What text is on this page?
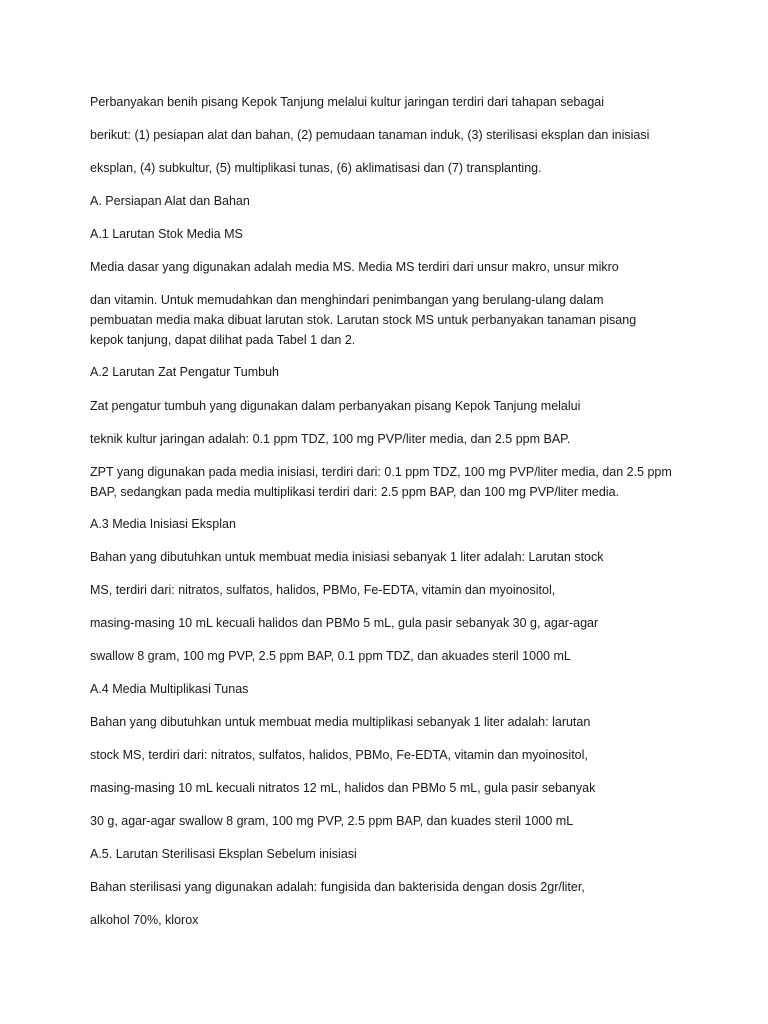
Perbanyakan benih pisang Kepok Tanjung melalui kultur jaringan terdiri dari tahapan sebagai
berikut: (1) pesiapan alat dan bahan, (2) pemudaan tanaman induk, (3) sterilisasi eksplan dan inisiasi
eksplan, (4) subkultur, (5) multiplikasi tunas, (6) aklimatisasi dan (7) transplanting.
A. Persiapan Alat dan Bahan
A.1 Larutan Stok Media MS
Media dasar yang digunakan adalah media MS. Media MS terdiri dari unsur makro, unsur mikro
dan vitamin. Untuk memudahkan dan menghindari penimbangan yang berulang-ulang dalam
pembuatan media maka dibuat larutan stok. Larutan stock MS untuk perbanyakan tanaman pisang
kepok tanjung, dapat dilihat pada Tabel 1 dan 2.
A.2 Larutan Zat Pengatur Tumbuh
Zat pengatur tumbuh yang digunakan dalam perbanyakan pisang Kepok Tanjung melalui
teknik kultur jaringan adalah: 0.1 ppm TDZ, 100 mg PVP/liter media, dan 2.5 ppm BAP.
ZPT yang digunakan pada media inisiasi, terdiri dari: 0.1 ppm TDZ, 100 mg PVP/liter media, dan 2.5 ppm
BAP, sedangkan pada media multiplikasi terdiri dari: 2.5 ppm BAP, dan 100 mg PVP/liter media.
A.3 Media Inisiasi Eksplan
Bahan yang dibutuhkan untuk membuat media inisiasi sebanyak 1 liter adalah: Larutan stock
MS, terdiri dari: nitratos, sulfatos, halidos, PBMo, Fe-EDTA, vitamin dan myoinositol,
masing-masing 10 mL kecuali halidos dan PBMo 5 mL, gula pasir sebanyak 30 g, agar-agar
swallow 8 gram, 100 mg PVP, 2.5 ppm BAP, 0.1 ppm TDZ, dan akuades steril 1000 mL
A.4 Media Multiplikasi Tunas
Bahan yang dibutuhkan untuk membuat media multiplikasi sebanyak 1 liter adalah: larutan
stock MS, terdiri dari: nitratos, sulfatos, halidos, PBMo, Fe-EDTA, vitamin dan myoinositol,
masing-masing 10 mL kecuali nitratos 12 mL, halidos dan PBMo 5 mL, gula pasir sebanyak
30 g, agar-agar swallow 8 gram, 100 mg PVP, 2.5 ppm BAP, dan kuades steril 1000 mL
A.5. Larutan Sterilisasi Eksplan Sebelum inisiasi
Bahan sterilisasi yang digunakan adalah: fungisida dan bakterisida dengan dosis 2gr/liter,
alkohol 70%, klorox
